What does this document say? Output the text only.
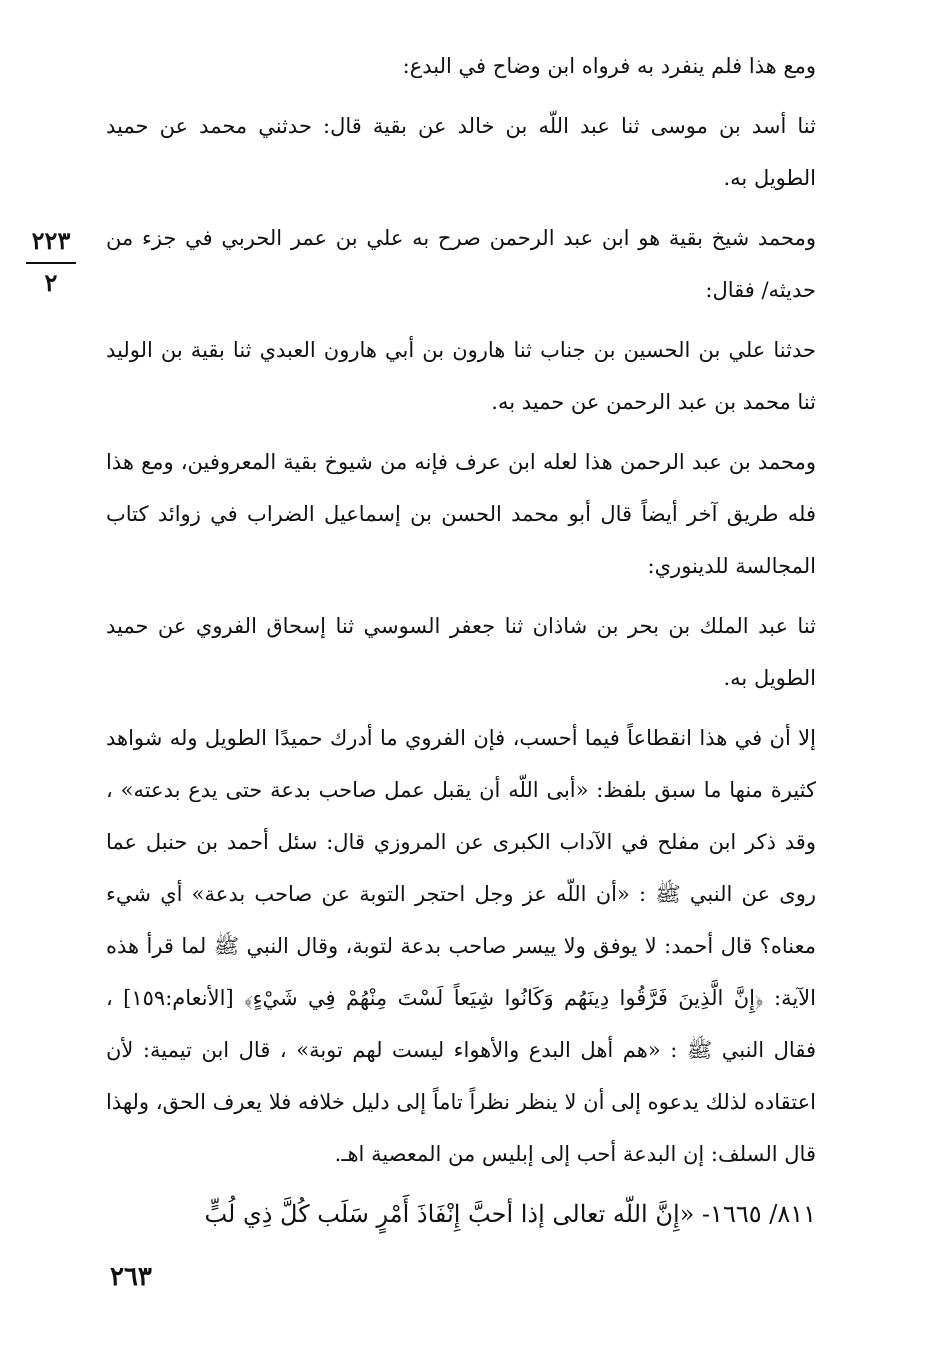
٢٢٣
٢

ومع هذا فلم ينفرد به فرواه ابن وضاح في البدع:

ثنا أسد بن موسى ثنا عبد اللّه بن خالد عن بقية قال: حدثني محمد عن حميد الطويل به.

ومحمد شيخ بقية هو ابن عبد الرحمن صرح به علي بن عمر الحربي في جزء من حديثه/ فقال:

حدثنا علي بن الحسين بن جناب ثنا هارون بن أبي هارون العبدي ثنا بقية بن الوليد ثنا محمد بن عبد الرحمن عن حميد به.

ومحمد بن عبد الرحمن هذا لعله ابن عرف فإنه من شيوخ بقية المعروفين، ومع هذا فله طريق آخر أيضاً قال أبو محمد الحسن بن إسماعيل الضراب في زوائد كتاب المجالسة للدينوري:

ثنا عبد الملك بن بحر بن شاذان ثنا جعفر السوسي ثنا إسحاق الفروي عن حميد الطويل به.

إلا أن في هذا انقطاعاً فيما أحسب، فإن الفروي ما أدرك حميدًا الطويل وله شواهد كثيرة منها ما سبق بلفظ: «أبى اللّه أن يقبل عمل صاحب بدعة حتى يدع بدعته» ، وقد ذكر ابن مفلح في الآداب الكبرى عن المروزي قال: سئل أحمد بن حنبل عما روى عن النبي ﷺ : «أن اللّه عز وجل احتجر التوبة عن صاحب بدعة» أي شيء معناه؟ قال أحمد: لا يوفق ولا ييسر صاحب بدعة لتوبة، وقال النبي ﷺ لما قرأ هذه الآية: ﴿إِنَّ الَّذِينَ فَرَّقُوا دِينَهُم وَكَانُوا شِيَعاً لَسْتَ مِنْهُمْ فِي شَيْءٍ﴾ [الأنعام:١٥٩] ، فقال النبي ﷺ : «هم أهل البدع والأهواء ليست لهم توبة» ، قال ابن تيمية: لأن اعتقاده لذلك يدعوه إلى أن لا ينظر نظراً تاماً إلى دليل خلافه فلا يعرف الحق، ولهذا قال السلف: إن البدعة أحب إلى إبليس من المعصية اهـ.

٨١١/ ١٦٦٥- «إِنَّ اللّه تعالى إذا أحبَّ إِنْفَاذَ أَمْرٍ سَلَب كُلَّ ذِي لُبٍّ

٢٦٣
